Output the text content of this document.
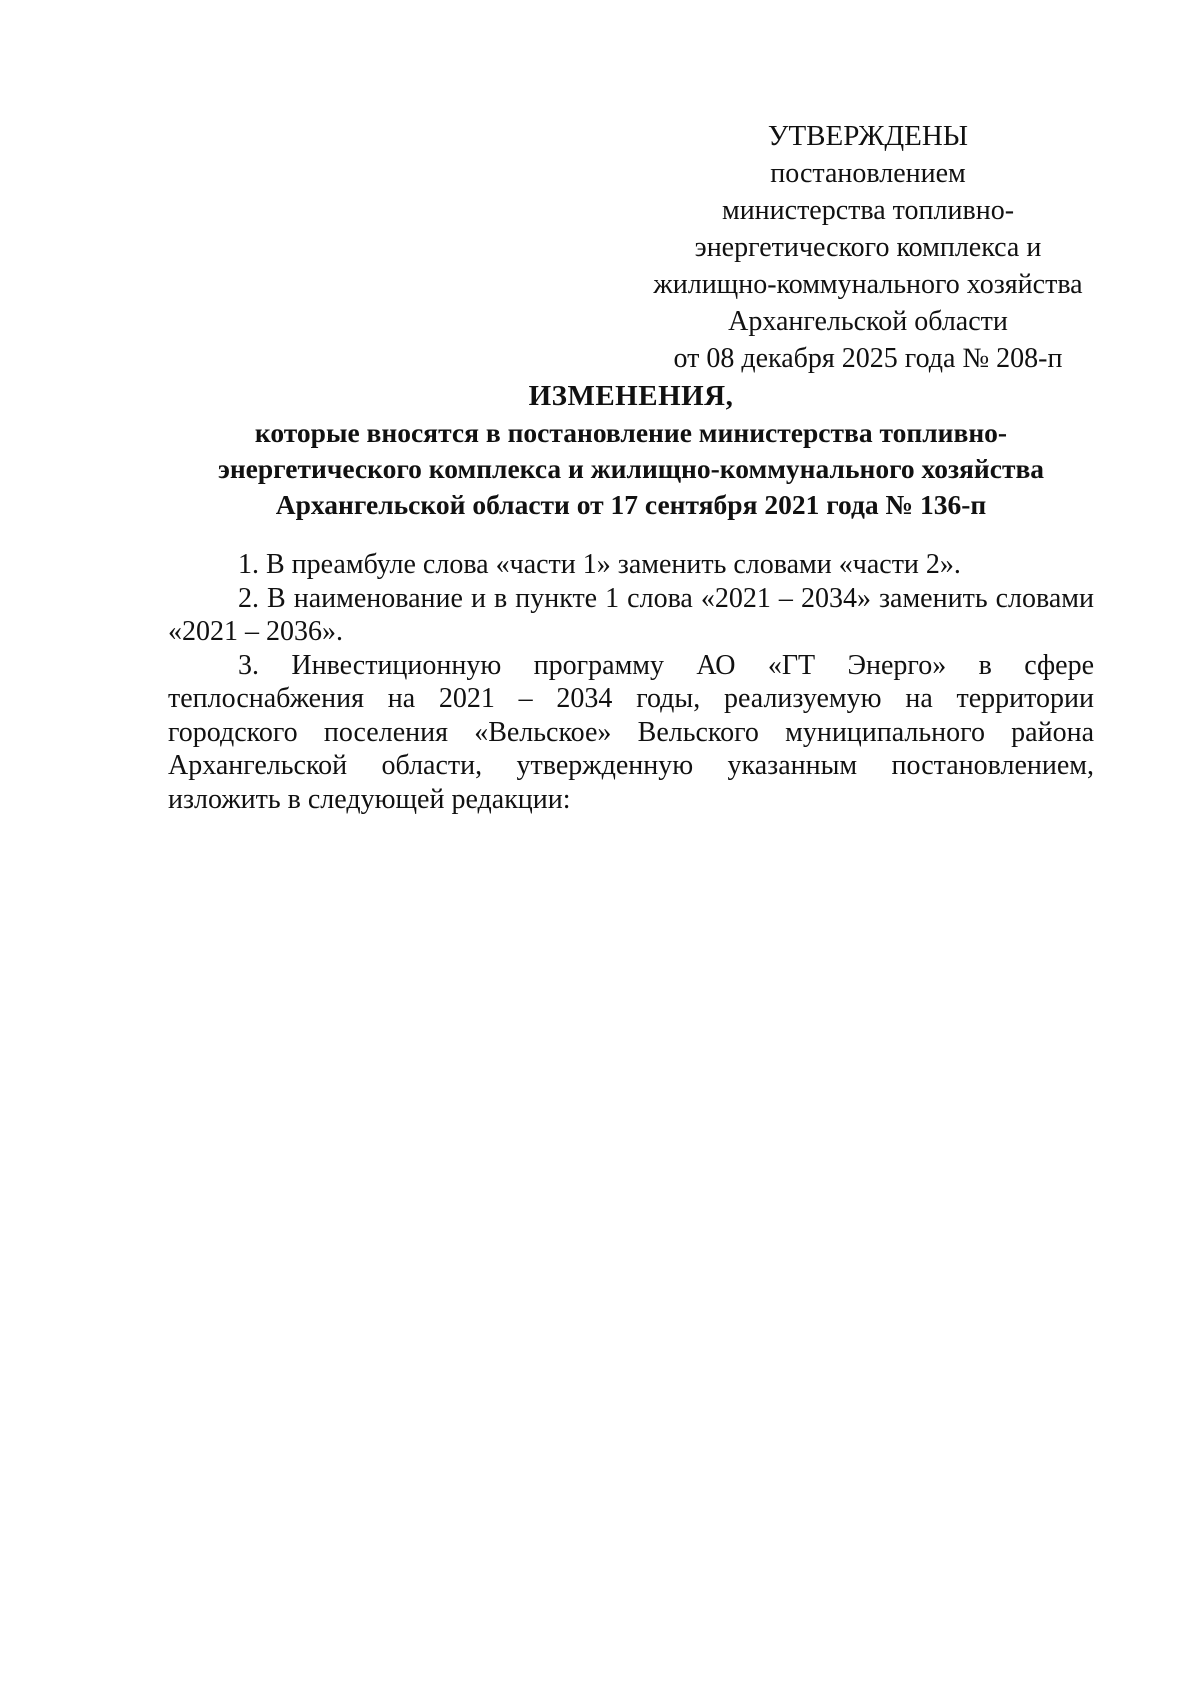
УТВЕРЖДЕНЫ
постановлением
министерства топливно-
энергетического комплекса и
жилищно-коммунального хозяйства
Архангельской области
от 08 декабря 2025 года № 208-п
ИЗМЕНЕНИЯ,
которые вносятся в постановление министерства топливно-
энергетического комплекса и жилищно-коммунального хозяйства
Архангельской области от 17 сентября 2021 года № 136-п

1. В преамбуле слова «части 1» заменить словами «части 2».

2. В наименование и в пункте 1 слова «2021 – 2034» заменить словами «2021 – 2036».

3. Инвестиционную программу АО «ГТ Энерго» в сфере теплоснабжения на 2021 – 2034 годы, реализуемую на территории городского поселения «Вельское» Вельского муниципального района Архангельской области, утвержденную указанным постановлением, изложить в следующей редакции:
